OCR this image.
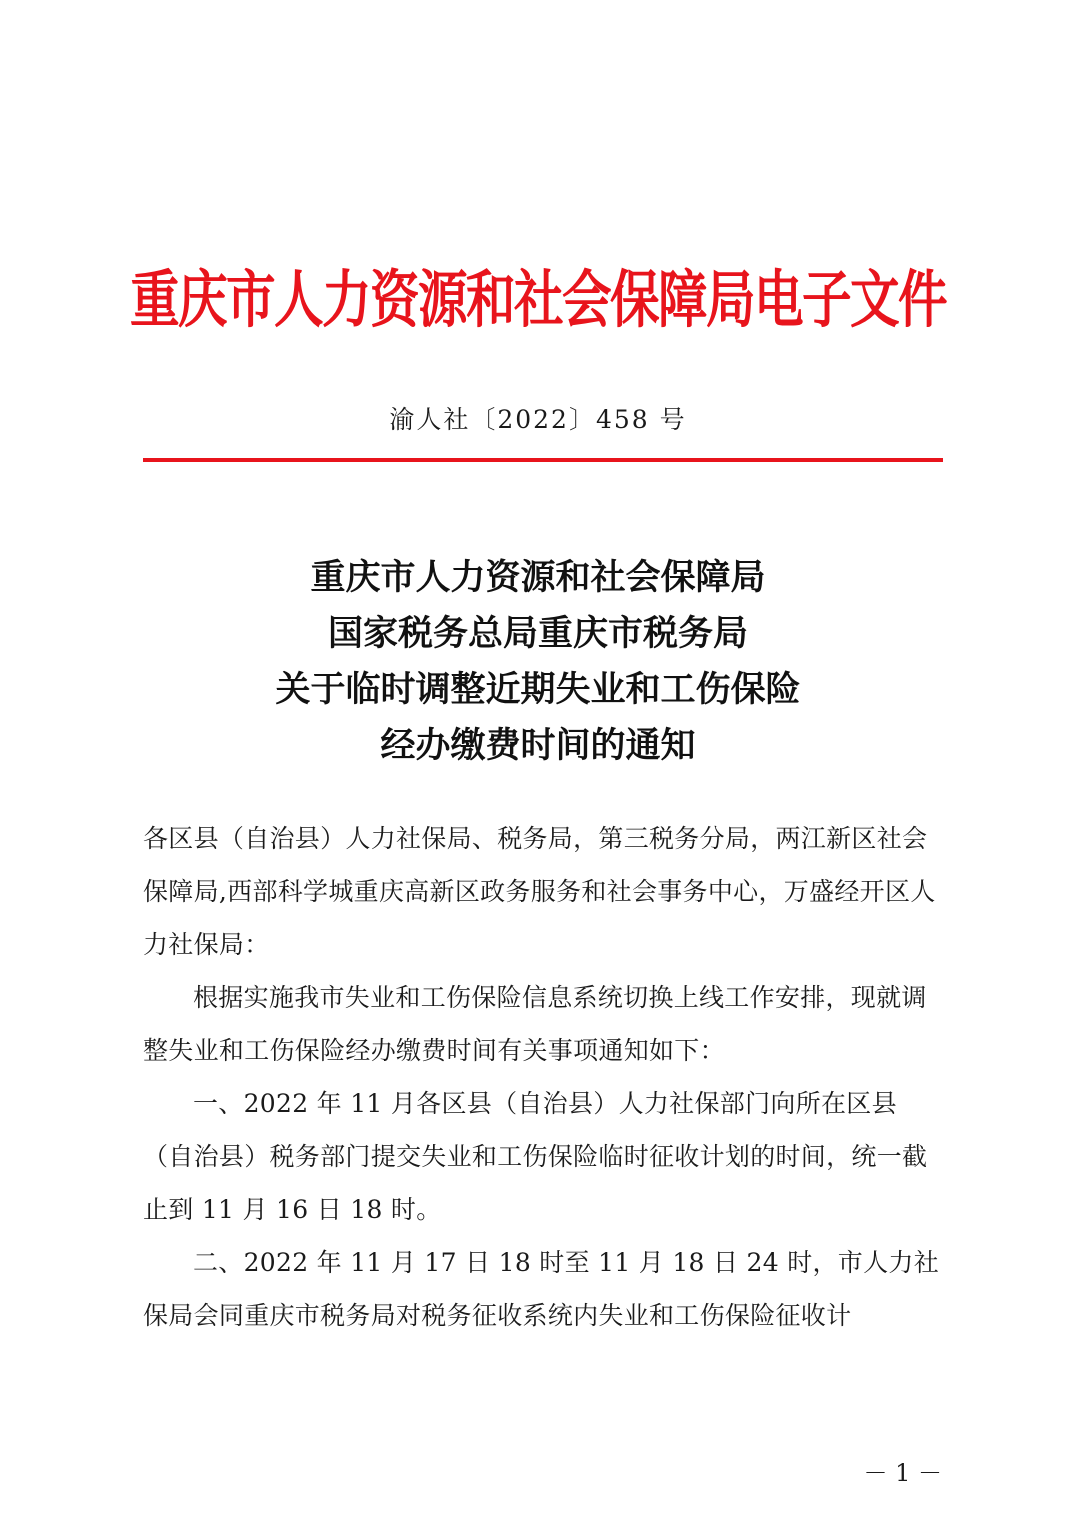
重庆市人力资源和社会保障局电子文件
渝人社〔2022〕458 号
重庆市人力资源和社会保障局
国家税务总局重庆市税务局
关于临时调整近期失业和工伤保险
经办缴费时间的通知

各区县（自治县）人力社保局、税务局，第三税务分局，两江新区社会保障局,西部科学城重庆高新区政务服务和社会事务中心，万盛经开区人力社保局：

根据实施我市失业和工伤保险信息系统切换上线工作安排，现就调整失业和工伤保险经办缴费时间有关事项通知如下：

一、2022 年 11 月各区县（自治县）人力社保部门向所在区县（自治县）税务部门提交失业和工伤保险临时征收计划的时间，统一截止到 11 月 16 日 18 时。

二、2022 年 11 月 17 日 18 时至 11 月 18 日 24 时，市人力社保局会同重庆市税务局对税务征收系统内失业和工伤保险征收计

－ 1 －
